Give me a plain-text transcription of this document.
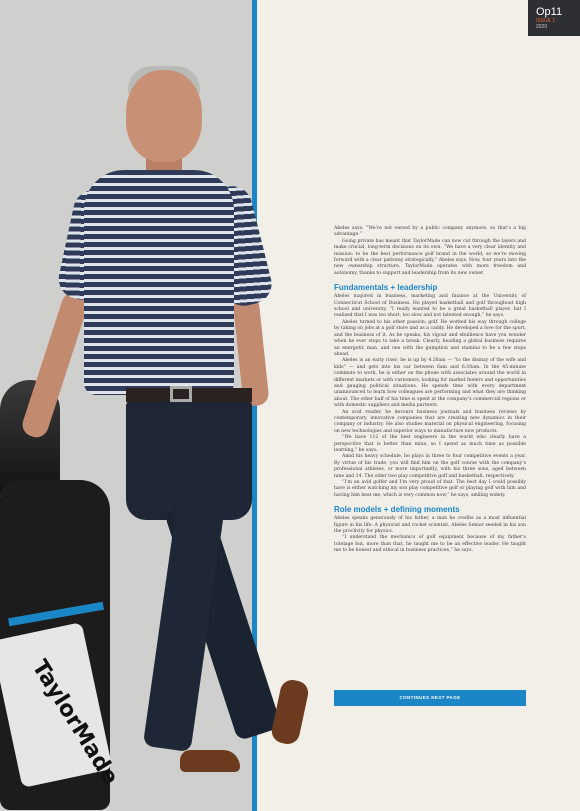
TaylorMade
Op11
ISSUE 1
2020

Abeles says. “We’re not owned by a public company anymore, so that’s a big advantage.”

Going private has meant that TaylorMade can now cut through the layers and make crucial, long-term decisions on its own. “We have a very clear identity and mission: to be the best performance golf brand in the world; so we’re moving forward with a clear pathway strategically,” Abeles says. Now, four years into the new ownership structure, TaylorMade operates with more freedom and autonomy, thanks to support and leadership from its new owner.

Fundamentals + leadership

Abeles majored in business, marketing and finance at the University of Connecticut School of Business. He played basketball and golf throughout high school and university. “I really wanted to be a great basketball player, but I realised that I was too short, too slow and not talented enough,” he says.

Abeles turned to his other passion: golf. He worked his way through college by taking on jobs at a golf store and as a caddy. He developed a love for the sport, and the business of it. As he speaks, his vigour and ebullience have you wonder when he ever stops to take a break. Clearly, heading a global business requires an energetic man, and one with the gumption and stamina to be a few steps ahead.

Abeles is an early riser; he is up by 4.30am — “to the dismay of the wife and kids” — and gets into his car between 6am and 6.30am. In the 45-minute commute to work, he is either on the phone with associates around the world in different markets or with customers, looking for market feelers and opportunities and gauging political situations. He spends time with every department unannounced to learn how colleagues are performing and what they are thinking about. The other half of his time is spent at the company’s commercial regions or with domestic suppliers and media partners.

An avid reader, he devours business journals and business reviews by contemporary, innovative companies that are creating new dynamics in their company or industry. He also studies material on physical engineering, focusing on new technologies and superior ways to manufacture new products.

“We have 112 of the best engineers in the world who clearly have a perspective that is better than mine, so I spend as much time as possible learning,” he says.

Amid his heavy schedule, he plays in three to four competitive events a year. By virtue of his trade, you will find him on the golf course with the company’s professional athletes, or more importantly, with his three sons, aged between nine and 14. The older two play competitive golf and basketball, respectively.

“I’m an avid golfer and I’m very proud of that. The best day I could possibly have is either watching my son play competitive golf or playing golf with him and having him beat me, which is very common now,” he says, smiling widely.

Role models + defining moments

Abeles speaks generously of his father, a man he credits as a most influential figure in his life. A physicist and rocket scientist, Abeles Senior seeded in his son the proclivity for physics.

“I understand the mechanics of golf equipment because of my father’s tutelage but, more than that, he taught me to be an effective leader. He taught me to be honest and ethical in business practices,” he says.

CONTINUES NEXT PAGE
